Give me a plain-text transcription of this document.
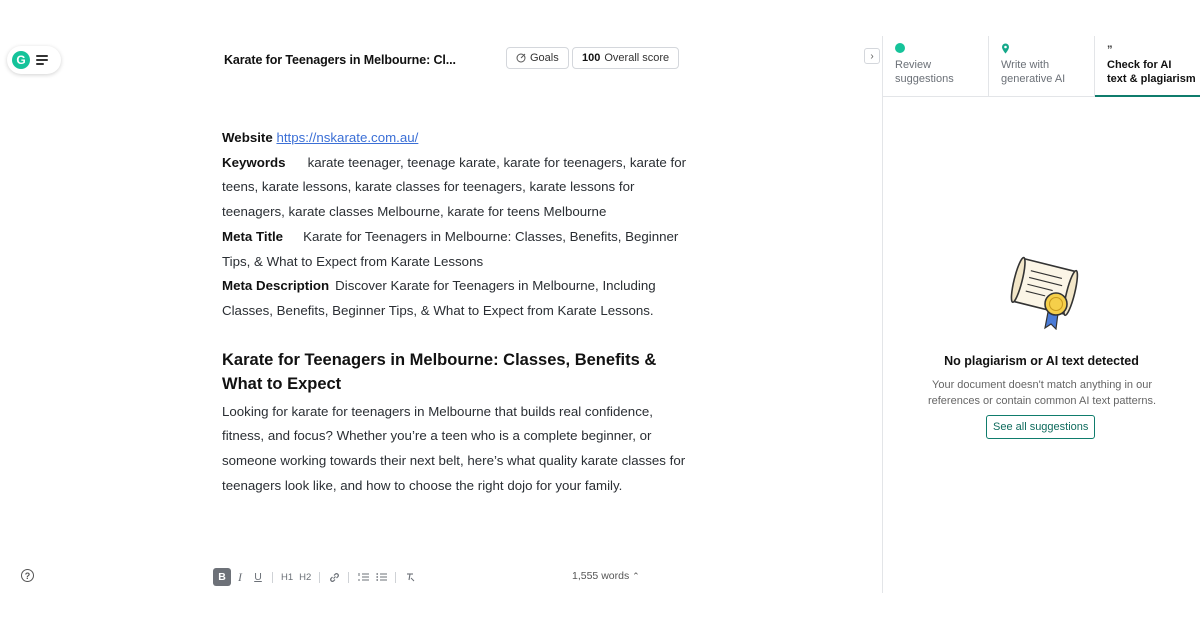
G
?
Karate for Teenagers in Melbourne: Cl...	Goals 100 Overall score

Website https://nskarate.com.au/

Keywords karate teenager, teenage karate, karate for teenagers, karate for teens, karate lessons, karate classes for teenagers, karate lessons for teenagers, karate classes Melbourne, karate for teens Melbourne

Meta Title Karate for Teenagers in Melbourne: Classes, Benefits, Beginner Tips, & What to Expect from Karate Lessons

Meta Description Discover Karate for Teenagers in Melbourne, Including Classes, Benefits, Beginner Tips, & What to Expect from Karate Lessons.

Karate for Teenagers in Melbourne: Classes, Benefits & What to Expect

Looking for karate for teenagers in Melbourne that builds real confidence, fitness, and focus? Whether you’re a teen who is a complete beginner, or someone working towards their next belt, here’s what quality karate classes for teenagers look like, and how to choose the right dojo for your family.

B	I	U	H1 H2	1,555 words ⌃
›
Review
suggestions
Write with
generative AI
”
Check for AI
text & plagiarism
No plagiarism or AI text detected
Your document doesn't match anything in our references or contain common AI text patterns.
See all suggestions
